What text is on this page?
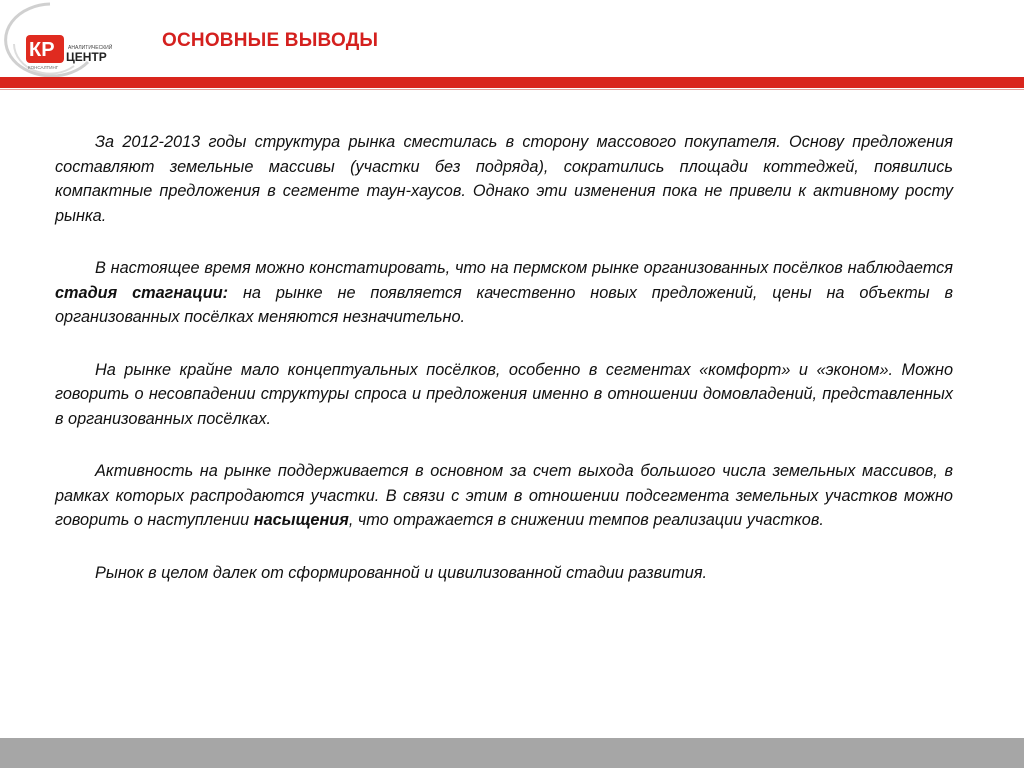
КР	АНАЛИТИЧЕСКИЙ
ЦЕНТР
КОНСАЛТИНГ
ОСНОВНЫЕ ВЫВОДЫ

За 2012-2013 годы структура рынка сместилась в сторону массового покупателя. Основу предложения составляют земельные массивы (участки без подряда), сократились площади коттеджей, появились компактные предложения в сегменте таун-хаусов. Однако эти изменения пока не привели к активному росту рынка.

В настоящее время можно констатировать, что на пермском рынке организованных посёлков наблюдается стадия стагнации: на рынке не появляется качественно новых предложений, цены на объекты в организованных посёлках меняются незначительно.

На рынке крайне мало концептуальных посёлков, особенно в сегментах «комфорт» и «эконом». Можно говорить о несовпадении структуры спроса и предложения именно в отношении домовладений, представленных в организованных посёлках.

Активность на рынке поддерживается в основном за счет выхода большого числа земельных массивов, в рамках которых распродаются участки. В связи с этим в отношении подсегмента земельных участков можно говорить о наступлении насыщения, что отражается в снижении темпов реализации участков.

Рынок в целом далек от сформированной и цивилизованной стадии развития.
